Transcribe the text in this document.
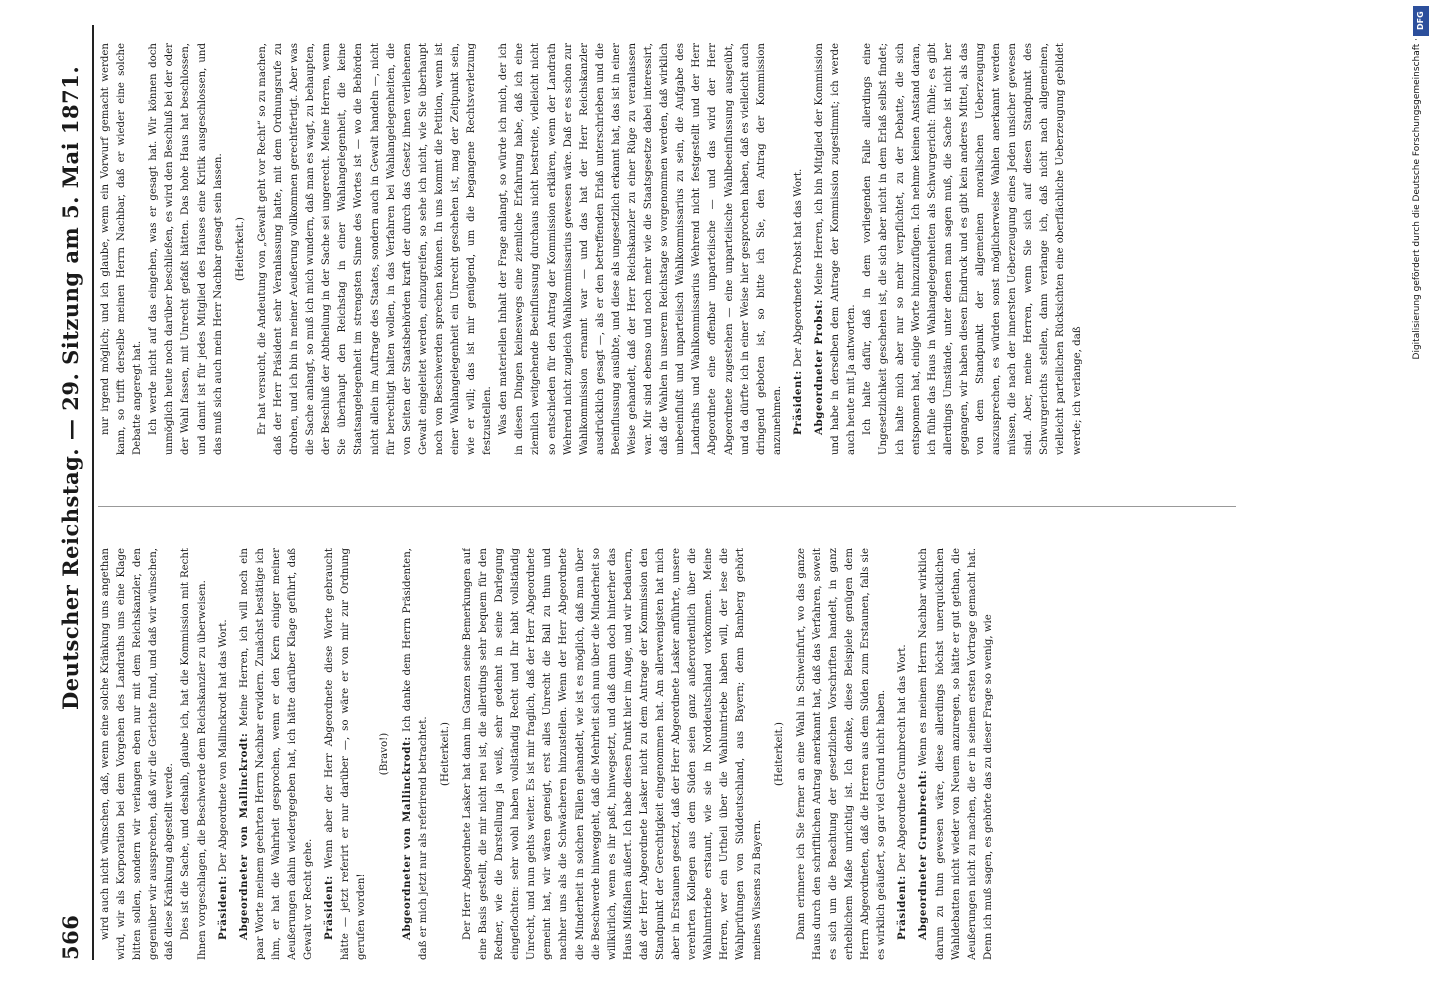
566
Deutscher Reichstag. — 29. Sitzung am 5. Mai 1871.

wird auch nicht wünschen, daß, wenn eine solche Kränkung uns angethan wird, wir als Korporation bei dem Vorgehen des Landraths uns eine Klage bitten sollen, sondern wir verlangen eben nur mit dem Reichskanzler, den gegenüber wir aussprechen, daß wir die Gerichte fund, und daß wir wünschen, daß diese Kränkung abgestellt werde. Dies ist die Sache, und deshalb, glaube ich, hat die Kommission mit Recht Ihnen vorgeschlagen, die Beschwerde dem Reichskanzler zu überweisen. Präsident: Der Abgeordnete von Mallinckrodt hat das Wort. Abgeordneter von Mallinckrodt: Meine Herren, ich will noch ein paar Worte meinem geehrten Herrn Nachbar erwidern. Zunächst bestätige ich ihm, er hat die Wahrheit gesprochen, wenn er den Kern einiger meiner Aeußerungen dahin wiedergegeben hat, ich hätte darüber Klage geführt, daß Gewalt vor Recht gehe. Präsident: Wenn aber der Herr Abgeordnete diese Worte gebraucht hätte — jetzt referirt er nur darüber —, so wäre er von mir zur Ordnung gerufen worden!

(Bravo!)	Abgeordneter von Mallinckrodt: Ich danke dem Herrn Präsidenten, daß er mich jetzt nur als referirend betrachtet.	(Heiterkeit.)	Der Herr Abgeordnete Lasker hat dann im Ganzen seine Bemerkungen auf eine Basis gestellt, die mir nicht neu ist, die allerdings sehr bequem für den Redner, wie die Darstellung ja weiß, sehr gedehnt in seine Darlegung eingeflochten: sehr wohl haben vollständig Recht und Ihr habt vollständig Unrecht, und nun gehts weiter. Es ist mir fraglich, daß der Herr Abgeordnete gemeint hat, wir wären geneigt, erst alles Unrecht die Ball zu thun und nachher uns als die Schwächeren hinzustellen. Wenn der Herr Abgeordnete die Minderheit in solchen Fällen gehandelt, wie ist es möglich, daß man über die Beschwerde hinweggeht, daß die Mehrheit sich nun über die Minderheit so willkürlich, wenn es ihr paßt, hinwegsetzt, und daß dann doch hinterher das Haus Mißfallen äußert. Ich habe diesen Punkt hier im Auge, und wir bedauern, daß der Herr Abgeordnete Lasker nicht zu dem Antrage der Kommission den Standpunkt der Gerechtigkeit eingenommen hat. Am allerwenigsten hat mich aber in Erstaunen gesetzt, daß der Herr Abgeordnete Lasker anführte, unsere verehrten Kollegen aus dem Süden seien ganz außerordentlich über die Wahlumtriebe erstaunt, wie sie in Norddeutschland vorkommen. Meine Herren, wer ein Urtheil über die Wahlumtriebe haben will, der lese die Wahlprüfungen von Süddeutschland, aus Bayern; denn Bamberg gehört meines Wissens zu Bayern.

(Heiterkeit.)	Dann erinnere ich Sie ferner an eine Wahl in Schweinfurt, wo das ganze Haus durch den schriftlichen Antrag anerkannt hat, daß das Verfahren, soweit es sich um die Beachtung der gesetzlichen Vorschriften handelt, in ganz erheblichem Maße unrichtig ist. Ich denke, diese Beispiele genügen dem Herrn Abgeordneten, daß die Herren aus dem Süden zum Erstaunen, falls sie es wirklich geäußert, so gar viel Grund nicht haben. Präsident: Der Abgeordnete Grumbrecht hat das Wort. Abgeordneter Grumbrecht: Wenn es meinem Herrn Nachbar wirklich darum zu thun gewesen wäre, diese allerdings höchst unerquicklichen Wahldebatten nicht wieder von Neuem anzuregen, so hätte er gut gethan, die Aeußerungen nicht zu machen, die er in seinem ersten Vortrage gemacht hat. Denn ich muß sagen, es gehörte das zu dieser Frage so wenig, wie

nur irgend möglich; und ich glaube, wenn ein Vorwurf gemacht werden kann, so trifft derselbe meinen Herrn Nachbar, daß er wieder eine solche Debatte angeregt hat. Ich werde nicht auf das eingehen, was er gesagt hat. Wir können doch unmöglich heute noch darüber beschließen, es wird den Beschluß bei der oder der Wahl fassen, mit Unrecht gefaßt hätten. Das hohe Haus hat beschlossen, und damit ist für jedes Mitglied des Hauses eine Kritik ausgeschlossen, und das muß sich auch mein Herr Nachbar gesagt sein lassen.	(Heiterkeit.)	Er hat versucht, die Andeutung von „Gewalt geht vor Recht“ so zu machen, daß der Herr Präsident sehr Veranlassung hatte, mit dem Ordnungsrufe zu drohen, und ich bin in meiner Aeußerung vollkommen gerechtfertigt. Aber was die Sache anlangt, so muß ich mich wundern, daß man es wagt, zu behaupten, der Beschluß der Abtheilung in der Sache sei ungerecht. Meine Herren, wenn Sie überhaupt den Reichstag in einer Wahlangelegenheit, die keine Staatsangelegenheit im strengsten Sinne des Wortes ist — wo die Behörden nicht allein im Auftrage des Staates, sondern auch in Gewalt handeln —, nicht für berechtigt halten wollen, in das Verfahren bei Wahlangelegenheiten, die von Seiten der Staatsbehörden kraft der durch das Gesetz ihnen verliehenen Gewalt eingeleitet werden, einzugreifen, so sehe ich nicht, wie Sie überhaupt noch von Beschwerden sprechen können. In uns kommt die Petition, wenn ist einer Wahlangelegenheit ein Unrecht geschehen ist, mag der Zeitpunkt sein, wie er will; das ist mir genügend, um die begangene Rechtsverletzung festzustellen. Was den materiellen Inhalt der Frage anlangt, so würde ich mich, der ich in diesen Dingen keineswegs eine ziemliche Erfahrung habe, daß ich eine ziemlich weitgehende Beeinflussung durchaus nicht bestreite, vielleicht nicht so entschieden für den Antrag der Kommission erklären, wenn der Landrath Wehrend nicht zugleich Wahlkommissarius gewesen wäre. Daß er es schon zur Wahlkommission ernannt war — und das hat der Herr Reichskanzler ausdrücklich gesagt —, als er den betreffenden Erlaß unterschrieben und die Beeinflussung ausübte, und diese als ungesetzlich erkannt hat, das ist in einer Weise gehandelt, daß der Herr Reichskanzler zu einer Rüge zu veranlassen war. Mir sind ebenso und noch mehr wie die Staatsgesetze dabei interessirt, daß die Wahlen in unserem Reichstage so vorgenommen werden, daß wirklich unbeeinflußt und unparteiisch Wahlkommissarius zu sein, die Aufgabe des Landraths und Wahlkommissarius Wehrend nicht festgestellt und der Herr Abgeordnete eine offenbar unparteiische — und das wird der Herr Abgeordnete zugestehen — eine unparteiische Wahlbeeinflussung ausgeübt, und da dürfte ich in einer Weise hier gesprochen haben, daß es vielleicht auch dringend geboten ist, so bitte ich Sie, den Antrag der Kommission anzunehmen. Präsident: Der Abgeordnete Probst hat das Wort. Abgeordneter Probst: Meine Herren, ich bin Mitglied der Kommission und habe in derselben dem Antrage der Kommission zugestimmt; ich werde auch heute mit Ja antworten. Ich halte dafür, daß in dem vorliegenden Falle allerdings eine Ungesetzlichkeit geschehen ist, die sich aber nicht in dem Erlaß selbst findet; ich halte mich aber nur so mehr verpflichtet, zu der Debatte, die sich entsponnen hat, einige Worte hinzuzufügen. Ich nehme keinen Anstand daran, ich fühle das Haus in Wahlangelegenheiten als Schwurgericht: fühle; es gibt allerdings Umstände, unter denen man sagen muß, die Sache ist nicht her gegangen, wir haben diesen Eindruck und es gibt kein anderes Mittel, als das von dem Standpunkt der allgemeinen moralischen Ueberzeugung auszusprechen, es würden sonst möglicherweise Wahlen anerkannt werden müssen, die nach der innersten Ueberzeugung eines Jeden unsicher gewesen sind. Aber, meine Herren, wenn Sie sich auf diesen Standpunkt des Schwurgerichts stellen, dann verlange ich, daß nicht nach allgemeinen, vielleicht parteilichen Rücksichten eine oberflächliche Ueberzeugung gebildet werde; ich verlange, daß

DFG
Digitalisierung gefördert durch die Deutsche Forschungsgemeinschaft ·
